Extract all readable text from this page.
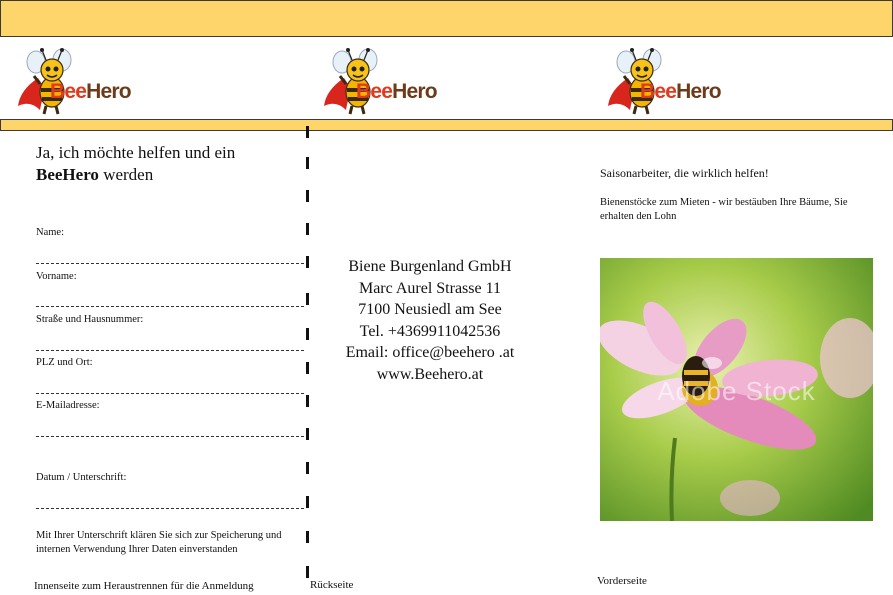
BeeHero	BeeHero	BeeHero
Ja, ich möchte helfen und ein
BeeHero werden
Name:
Vorname:
Straße und Hausnummer:
PLZ und Ort:
E-Mailadresse:
Datum / Unterschrift:
Mit Ihrer Unterschrift klären Sie sich zur Speicherung und internen Verwendung Ihrer Daten einverstanden
Innenseite zum Heraustrennen für die Anmeldung
Biene Burgenland GmbH
Marc Aurel Strasse 11
7100 Neusiedl am See
Tel. +4369911042536
Email: office@beehero .at
www.Beehero.at
Rückseite
Saisonarbeiter, die wirklich helfen!
Bienenstöcke zum Mieten - wir bestäuben Ihre Bäume, Sie erhalten den Lohn
Adobe Stock
Vorderseite
